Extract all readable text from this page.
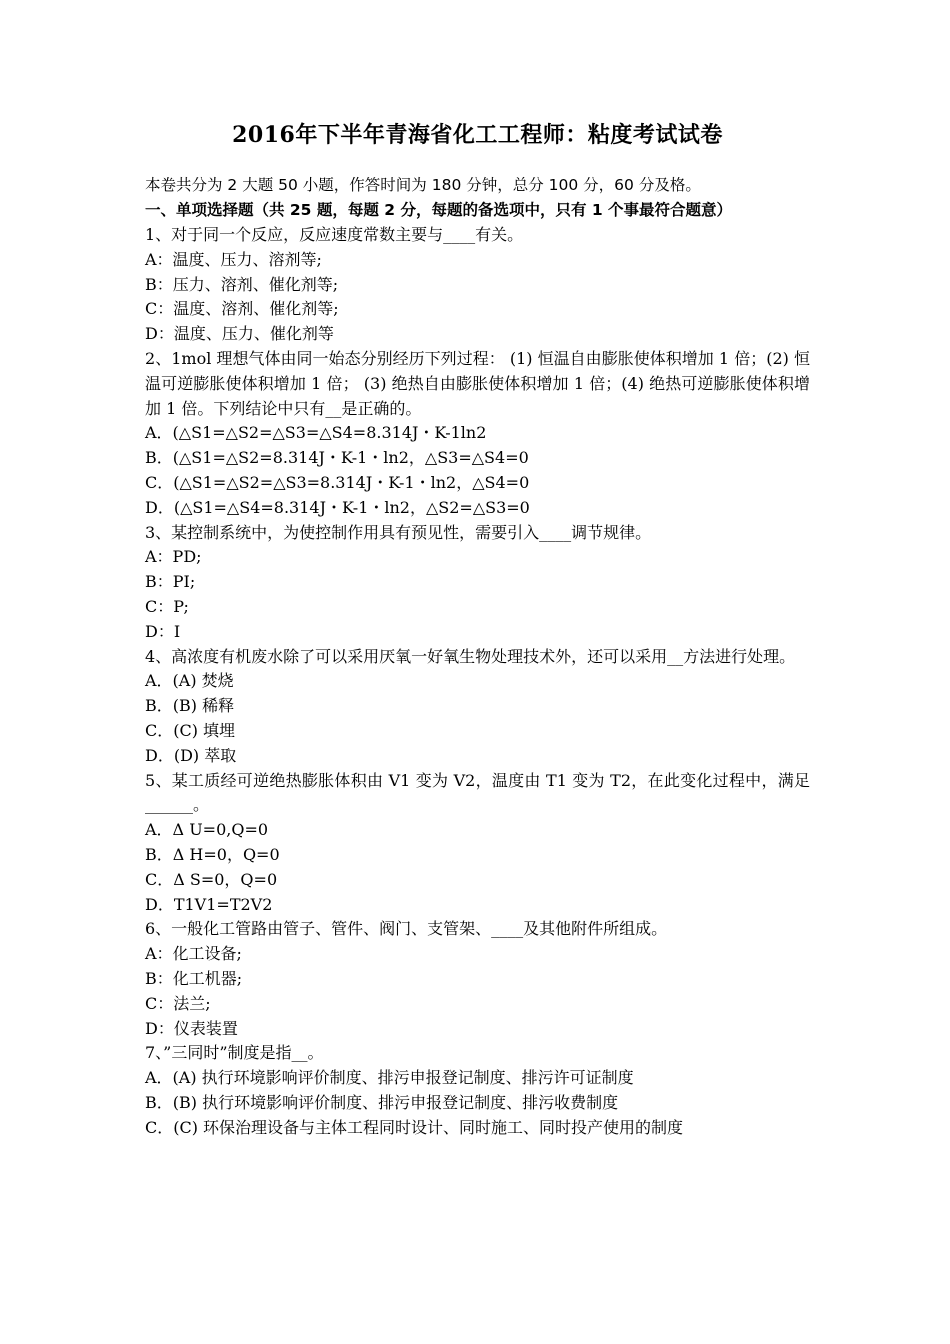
2016年下半年青海省化工工程师：粘度考试试卷
本卷共分为 2 大题 50 小题，作答时间为 180 分钟，总分 100 分，60 分及格。
一、单项选择题（共 25 题，每题 2 分，每题的备选项中，只有 1 个事最符合题意）
1、对于同一个反应，反应速度常数主要与____有关。
A：温度、压力、溶剂等;
B：压力、溶剂、催化剂等;
C：温度、溶剂、催化剂等;
D：温度、压力、催化剂等
2、1mol 理想气体由同一始态分别经历下列过程： (1) 恒温自由膨胀使体积增加 1 倍；(2) 恒温可逆膨胀使体积增加 1 倍； (3) 绝热自由膨胀使体积增加 1 倍；(4) 绝热可逆膨胀使体积增加 1 倍。下列结论中只有__是正确的。
A．(△S1=△S2=△S3=△S4=8.314J・K-1ln2
B．(△S1=△S2=8.314J・K-1・ln2，△S3=△S4=0
C．(△S1=△S2=△S3=8.314J・K-1・ln2，△S4=0
D．(△S1=△S4=8.314J・K-1・ln2，△S2=△S3=0
3、某控制系统中，为使控制作用具有预见性，需要引入____调节规律。
A：PD;
B：PI;
C：P;
D：I
4、高浓度有机废水除了可以采用厌氧一好氧生物处理技术外，还可以采用__方法进行处理。
A．(A) 焚烧
B．(B) 稀释
C．(C) 填埋
D．(D) 萃取
5、某工质经可逆绝热膨胀体积由 V1 变为 V2，温度由 T1 变为 T2，在此变化过程中，满足______。
A．Δ U=0,Q=0
B．Δ H=0，Q=0
C．Δ S=0，Q=0
D．T1V1=T2V2
6、一般化工管路由管子、管件、阀门、支管架、____及其他附件所组成。
A：化工设备;
B：化工机器;
C：法兰;
D：仪表装置
7、”三同时”制度是指__。
A．(A) 执行环境影响评价制度、排污申报登记制度、排污许可证制度
B．(B) 执行环境影响评价制度、排污申报登记制度、排污收费制度
C．(C) 环保治理设备与主体工程同时设计、同时施工、同时投产使用的制度
